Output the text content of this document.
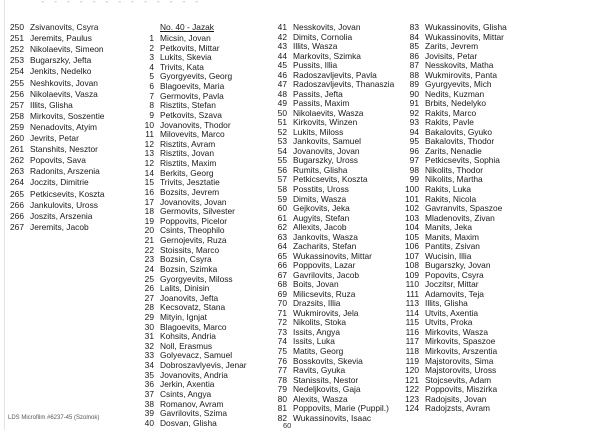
- - - - - - - - - - - - -
250 Zsivanovits, Csyra
251 Jeremits, Paulus
252 Nikolaevits, Simeon
253 Bugarszky, Jefta
254 Jenkits, Nedelko
255 Neshkovits, Jovan
256 Nikolaevits, Vasza
257 Illits, Glisha
258 Mirkovits, Soszentie
259 Nenadovits, Atyim
260 Jevrits, Petar
261 Stanshits, Nesztor
262 Popovits, Sava
263 Radonits, Arszenia
264 Joczits, Dimitrie
265 Petkicsevits, Koszta
266 Jankulovits, Uross
266 Joszits, Arszenia
267 Jeremits, Jacob
No. 40 - Jazak
1 Micsin, Jovan
2 Petkovits, Mittar
3 Lukits, Skevia
4 Trivits, Kata
5 Gyorgyevits, Georg
6 Blagoevits, Maria
7 Germovits, Pavla
8 Risztits, Stefan
9 Petkovits, Szava
10 Jovanovits, Thodor
11 Milovevits, Marco
12 Risztits, Avram
13 Risztits, Jovan
12 Risztits, Maxim
14 Berkits, Georg
15 Trivits, Jesztatie
16 Bozsits, Jevrem
17 Jovanovits, Jovan
18 Germovits, Silvester
19 Poppovits, Picelor
20 Csints, Theophilo
21 Gernojevits, Ruza
22 Stoissits, Marco
23 Bozsin, Csyra
24 Bozsin, Szimka
25 Gyorgyevits, Miloss
26 Lalits, Dinisin
27 Joanovits, Jefta
28 Kecsovatz, Stana
29 Mityin, Ignjat
30 Blagoevits, Marco
31 Kohsits, Andria
32 Noll, Erasmus
33 Golyevacz, Samuel
34 Dobroszavlyevis, Jenar
35 Jovanovits, Andria
36 Jerkin, Axentia
37 Csints, Angya
38 Romanov, Avram
39 Gavrilovits, Szima
40 Dosvan, Glisha
41 Nesskovits, Jovan
42 Dimits, Cornolia
43 Illits, Wasza
44 Markovits, Szimka
45 Pussits, Illia
46 Radoszavljevits, Pavla
47 Radoszavljevits, Thanaszia
48 Passits, Jefta
49 Passits, Maxim
50 Nikolaevits, Wasza
51 Kirkovits, Winzen
52 Lukits, Miloss
53 Jankovits, Samuel
54 Jovanovits, Jovan
55 Bugarszky, Uross
56 Rumits, Glisha
57 Petkicsevits, Koszta
58 Posstits, Uross
59 Dimits, Wasza
60 Gejkovits, Jeka
61 Augyits, Stefan
62 Allexits, Jacob
63 Jankovits, Wasza
64 Zacharits, Stefan
65 Wukassinovits, Mittar
66 Poppovits, Lazar
67 Gavrilovits, Jacob
68 Boits, Jovan
69 Milicsevits, Ruza
70 Drazsits, Illia
71 Wukmirovits, Jela
72 Nikolits, Stoka
73 Issits, Angya
74 Issits, Luka
75 Matits, Georg
76 Bosskovits, Skevia
77 Ravits, Gyuka
78 Stanissits, Nestor
79 Nedeljkovits, Gaja
80 Alexits, Wasza
81 Poppovits, Marie (Puppil.)
82 Wukassinovits, Isaac
83 Wukassinovits, Glisha
84 Wukassinovits, Mittar
85 Zarits, Jevrem
86 Jovisits, Petar
87 Nesskovits, Matha
88 Wukmirovits, Panta
89 Gyurgyevits, Mich
90 Nedits, Kuzman
91 Brbits, Nedelyko
92 Rakits, Marco
93 Rakits, Pavle
94 Bakalovits, Gyuko
95 Bakalovits, Thodor
96 Zarits, Nenadie
97 Petkicsevits, Sophia
98 Nikolits, Thodor
99 Nikolits, Martha
100 Rakits, Luka
101 Rakits, Nicola
102 Gavranvits, Spaszoe
103 Mladenovits, Zivan
104 Manits, Jeka
105 Manits, Maxim
106 Pantits, Zsivan
107 Wucisin, Illia
108 Bugarszky, Jovan
109 Popovits, Csyra
110 Joczitsr, Mittar
111 Adamovits, Teja
113 Illits, Glisha
114 Utvits, Axentia
115 Utvits, Proka
116 Mirkovits, Wasza
117 Mirkovits, Spaszoe
118 Mirkovits, Arszentia
119 Majstorovits, Sima
120 Majstorovits, Uross
121 Stojcsevits, Adam
122 Poppovits, Miszirka
123 Radojsits, Jovan
124 Radojzsts, Avram
LDS Microfilm #6237-45 (Szolnok)
60
